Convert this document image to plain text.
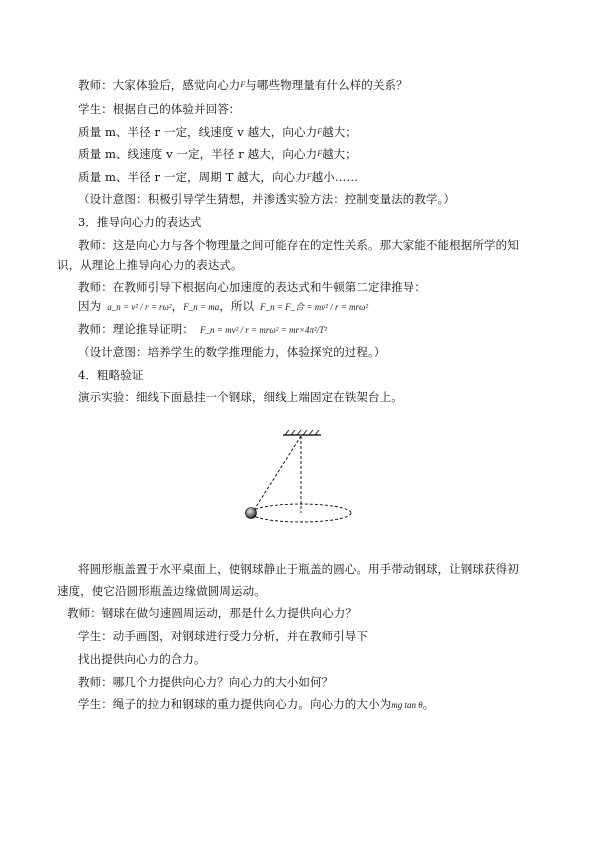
教师：大家体验后，感觉向心力F与哪些物理量有什么样的关系？
学生：根据自己的体验并回答：
质量 m、半径 r 一定，线速度 v 越大，向心力F越大；
质量 m、线速度 v 一定，半径 r 越大，向心力F越大；
质量 m、半径 r 一定，周期 T 越大，向心力F越小……
（设计意图：积极引导学生猜想，并渗透实验方法：控制变量法的教学。）
3．推导向心力的表达式
教师：这是向心力与各个物理量之间可能存在的定性关系。那大家能不能根据所学的知
识，从理论上推导向心力的表达式。
教师：在教师引导下根据向心加速度的表达式和牛顿第二定律推导：
因为 a_n = v² / r = rω²，F_n = ma，所以 F_n = F_合 = mv² / r = mrω²
教师：理论推导证明： F_n = mv² / r = mrω² = mr×4π²/T²
（设计意图：培养学生的数学推理能力，体验探究的过程。）
4．粗略验证
演示实验：细线下面悬挂一个钢球，细线上端固定在铁架台上。
将圆形瓶盖置于水平桌面上，使钢球静止于瓶盖的圆心。用手带动钢球，让钢球获得初
速度，使它沿圆形瓶盖边缘做圆周运动。
教师：钢球在做匀速圆周运动，那是什么力提供向心力？
学生：动手画图，对钢球进行受力分析，并在教师引导下
找出提供向心力的合力。
教师：哪几个力提供向心力？向心力的大小如何？
学生：绳子的拉力和钢球的重力提供向心力。向心力的大小为mg tan θ。
